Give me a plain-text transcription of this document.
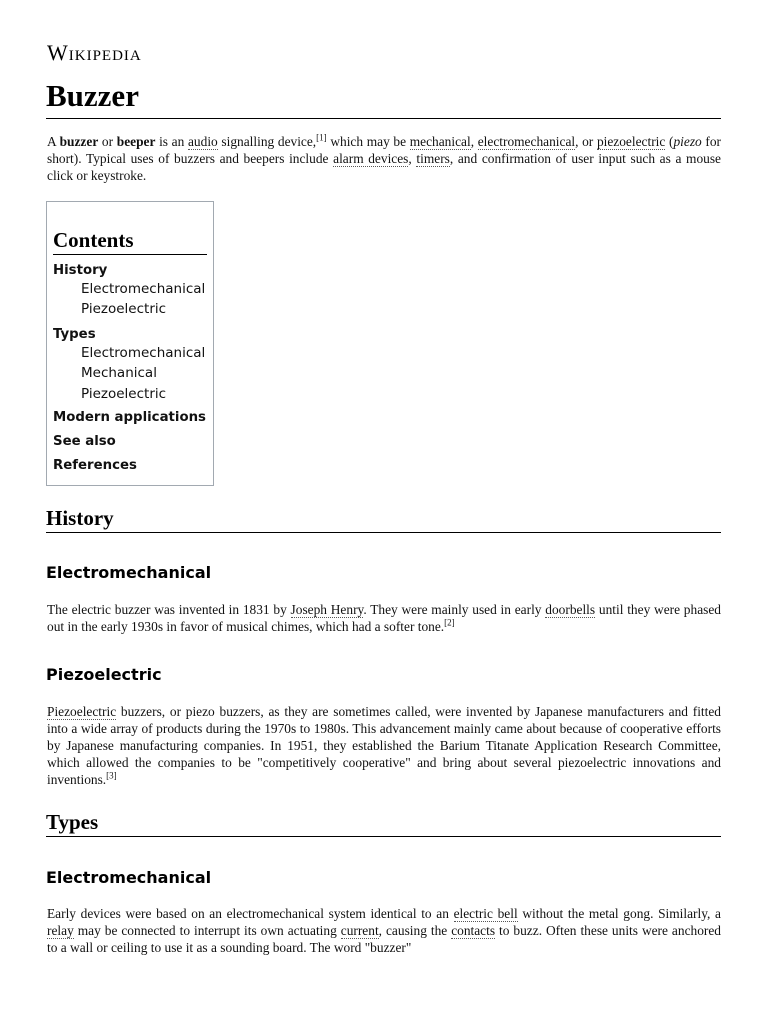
Wikipedia
Buzzer

A buzzer or beeper is an audio signalling device,[1] which may be mechanical, electromechanical, or piezoelectric (piezo for short). Typical uses of buzzers and beepers include alarm devices, timers, and confirmation of user input such as a mouse click or keystroke.

Contents
History
Electromechanical
Piezoelectric
Types
Electromechanical
Mechanical
Piezoelectric
Modern applications
See also
References
History
Electromechanical

The electric buzzer was invented in 1831 by Joseph Henry. They were mainly used in early doorbells until they were phased out in the early 1930s in favor of musical chimes, which had a softer tone.[2]

Piezoelectric

Piezoelectric buzzers, or piezo buzzers, as they are sometimes called, were invented by Japanese manufacturers and fitted into a wide array of products during the 1970s to 1980s. This advancement mainly came about because of cooperative efforts by Japanese manufacturing companies. In 1951, they established the Barium Titanate Application Research Committee, which allowed the companies to be "competitively cooperative" and bring about several piezoelectric innovations and inventions.[3]

Types
Electromechanical

Early devices were based on an electromechanical system identical to an electric bell without the metal gong. Similarly, a relay may be connected to interrupt its own actuating current, causing the contacts to buzz. Often these units were anchored to a wall or ceiling to use it as a sounding board. The word "buzzer"
